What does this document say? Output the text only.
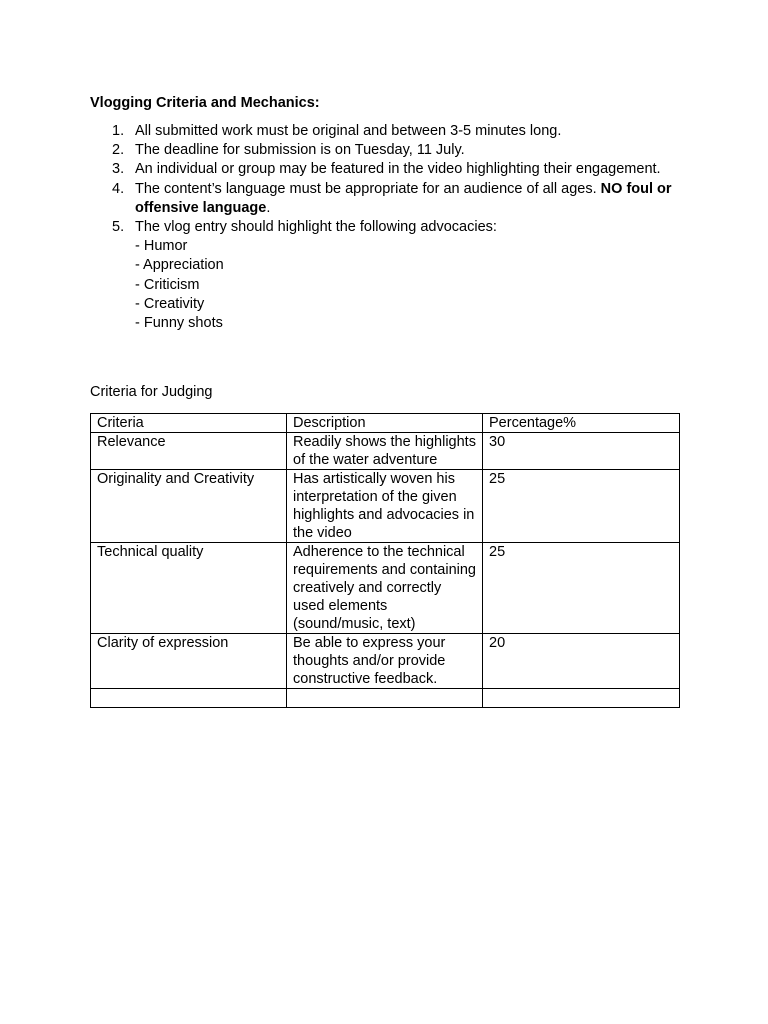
Vlogging Criteria and Mechanics:
1. All submitted work must be original and between 3-5 minutes long.
2. The deadline for submission is on Tuesday, 11 July.
3. An individual or group may be featured in the video highlighting their engagement.
4. The content’s language must be appropriate for an audience of all ages. NO foul or offensive language.
5. The vlog entry should highlight the following advocacies:
- Humor
- Appreciation
- Criticism
- Creativity
- Funny shots
Criteria for Judging
Criteria	Description	Percentage%
Relevance	Readily shows the highlights of the water adventure	30
Originality and Creativity	Has artistically woven his interpretation of the given highlights and advocacies in the video	25
Technical quality	Adherence to the technical requirements and containing creatively and correctly used elements (sound/music, text)	25
Clarity of expression	Be able to express your thoughts and/or provide constructive feedback.	20
